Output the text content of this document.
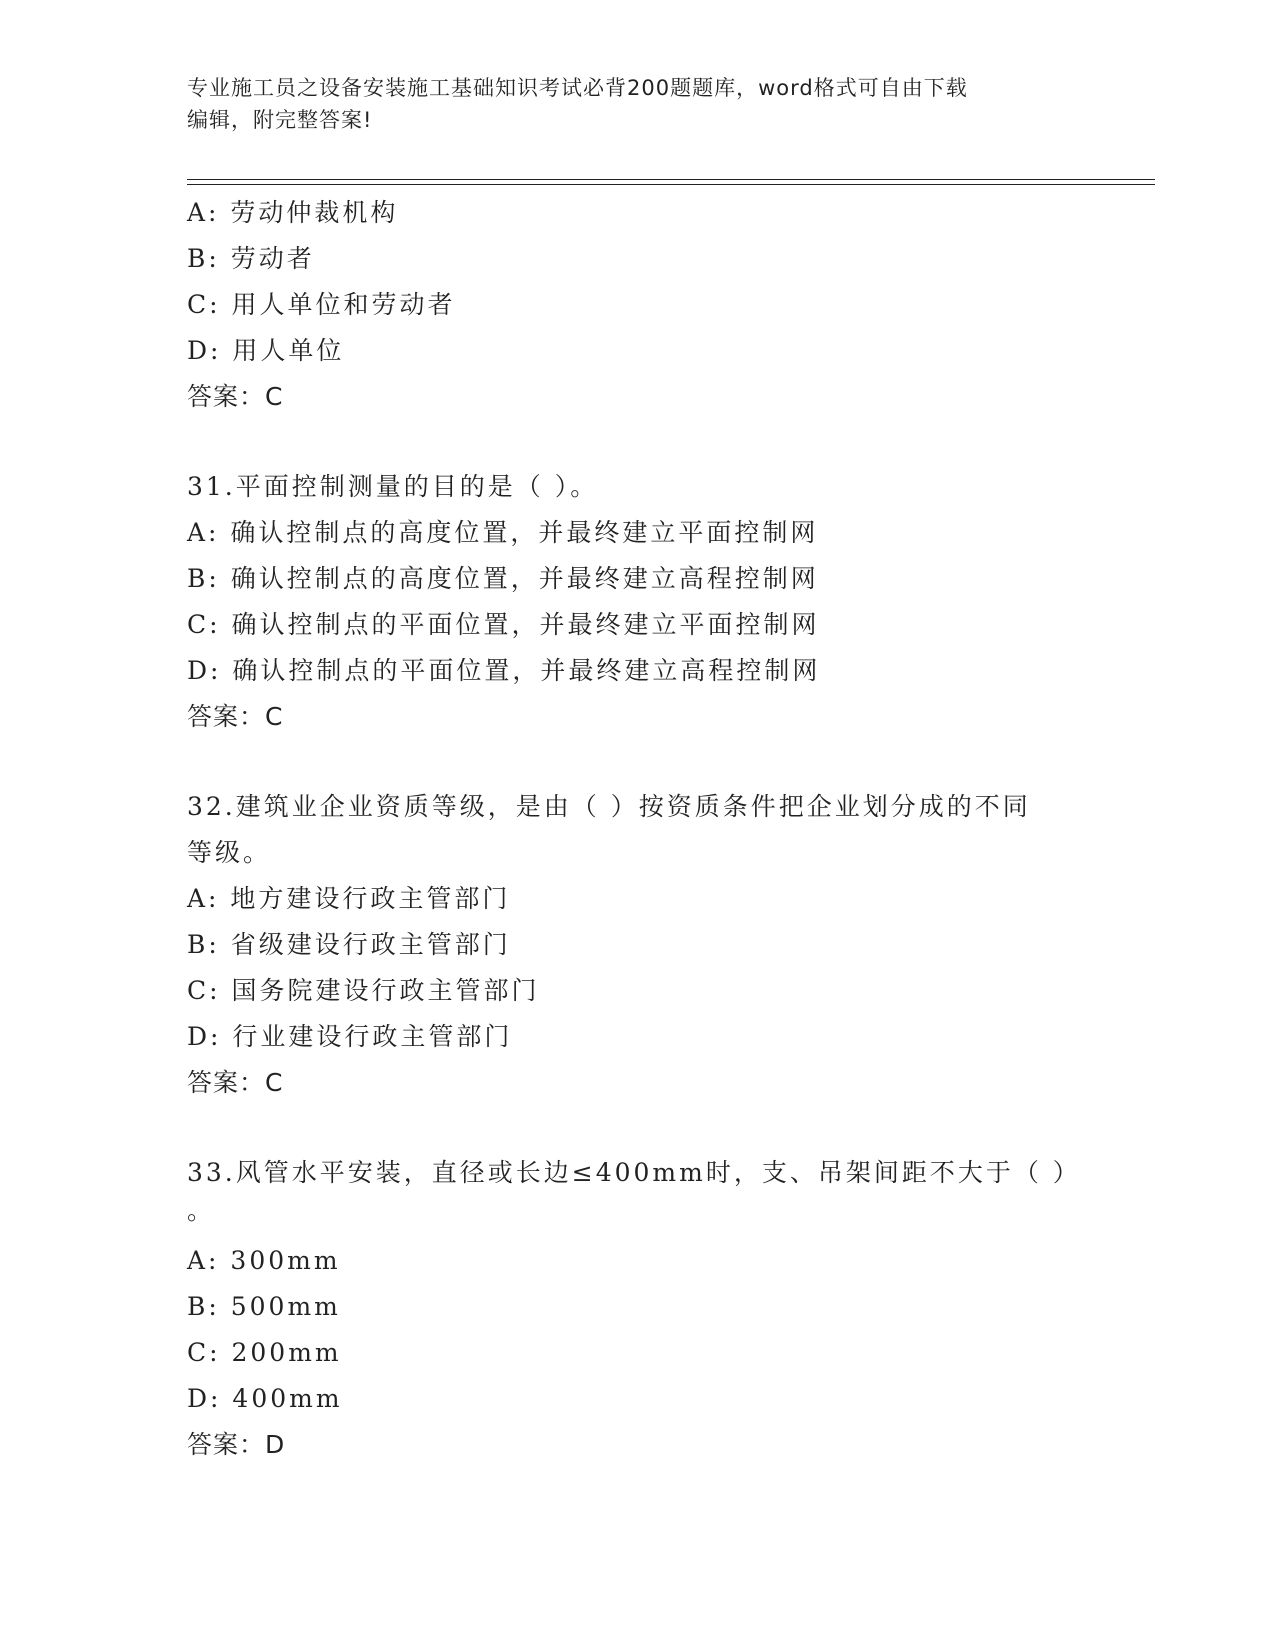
专业施工员之设备安装施工基础知识考试必背200题题库，word格式可自由下载
编辑，附完整答案!
A: 劳动仲裁机构
B: 劳动者
C: 用人单位和劳动者
D: 用人单位
答案：C
31.平面控制测量的目的是（ ）。
A: 确认控制点的高度位置，并最终建立平面控制网
B: 确认控制点的高度位置，并最终建立高程控制网
C: 确认控制点的平面位置，并最终建立平面控制网
D: 确认控制点的平面位置，并最终建立高程控制网
答案：C
32.建筑业企业资质等级，是由（ ）按资质条件把企业划分成的不同
等级。
A: 地方建设行政主管部门
B: 省级建设行政主管部门
C: 国务院建设行政主管部门
D: 行业建设行政主管部门
答案：C
33.风管水平安装，直径或长边≤400mm时，支、吊架间距不大于（ ）
。
A: 300mm
B: 500mm
C: 200mm
D: 400mm
答案：D
